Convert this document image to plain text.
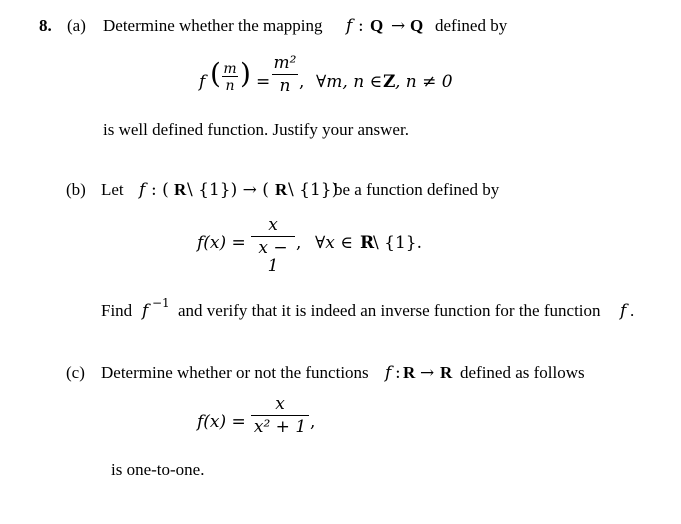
8. (a) Determine whether the mapping f : Q → Q defined by
f ( m
n ) =
m²
n , ∀m, n ∈ Z , n ≠ 0
is well defined function. Justify your answer.
(b) Let f : ( R \ {1}) → ( R \ {1})
be a function defined by
f(x) =
x
x − 1
, ∀x ∈ R
\ {1}.
Find f −1 and verify that it is indeed an inverse function for the function f .
(c) Determine whether or not the functions f : R → R defined as follows
f(x) =
x
x² + 1 ,
is one-to-one.
